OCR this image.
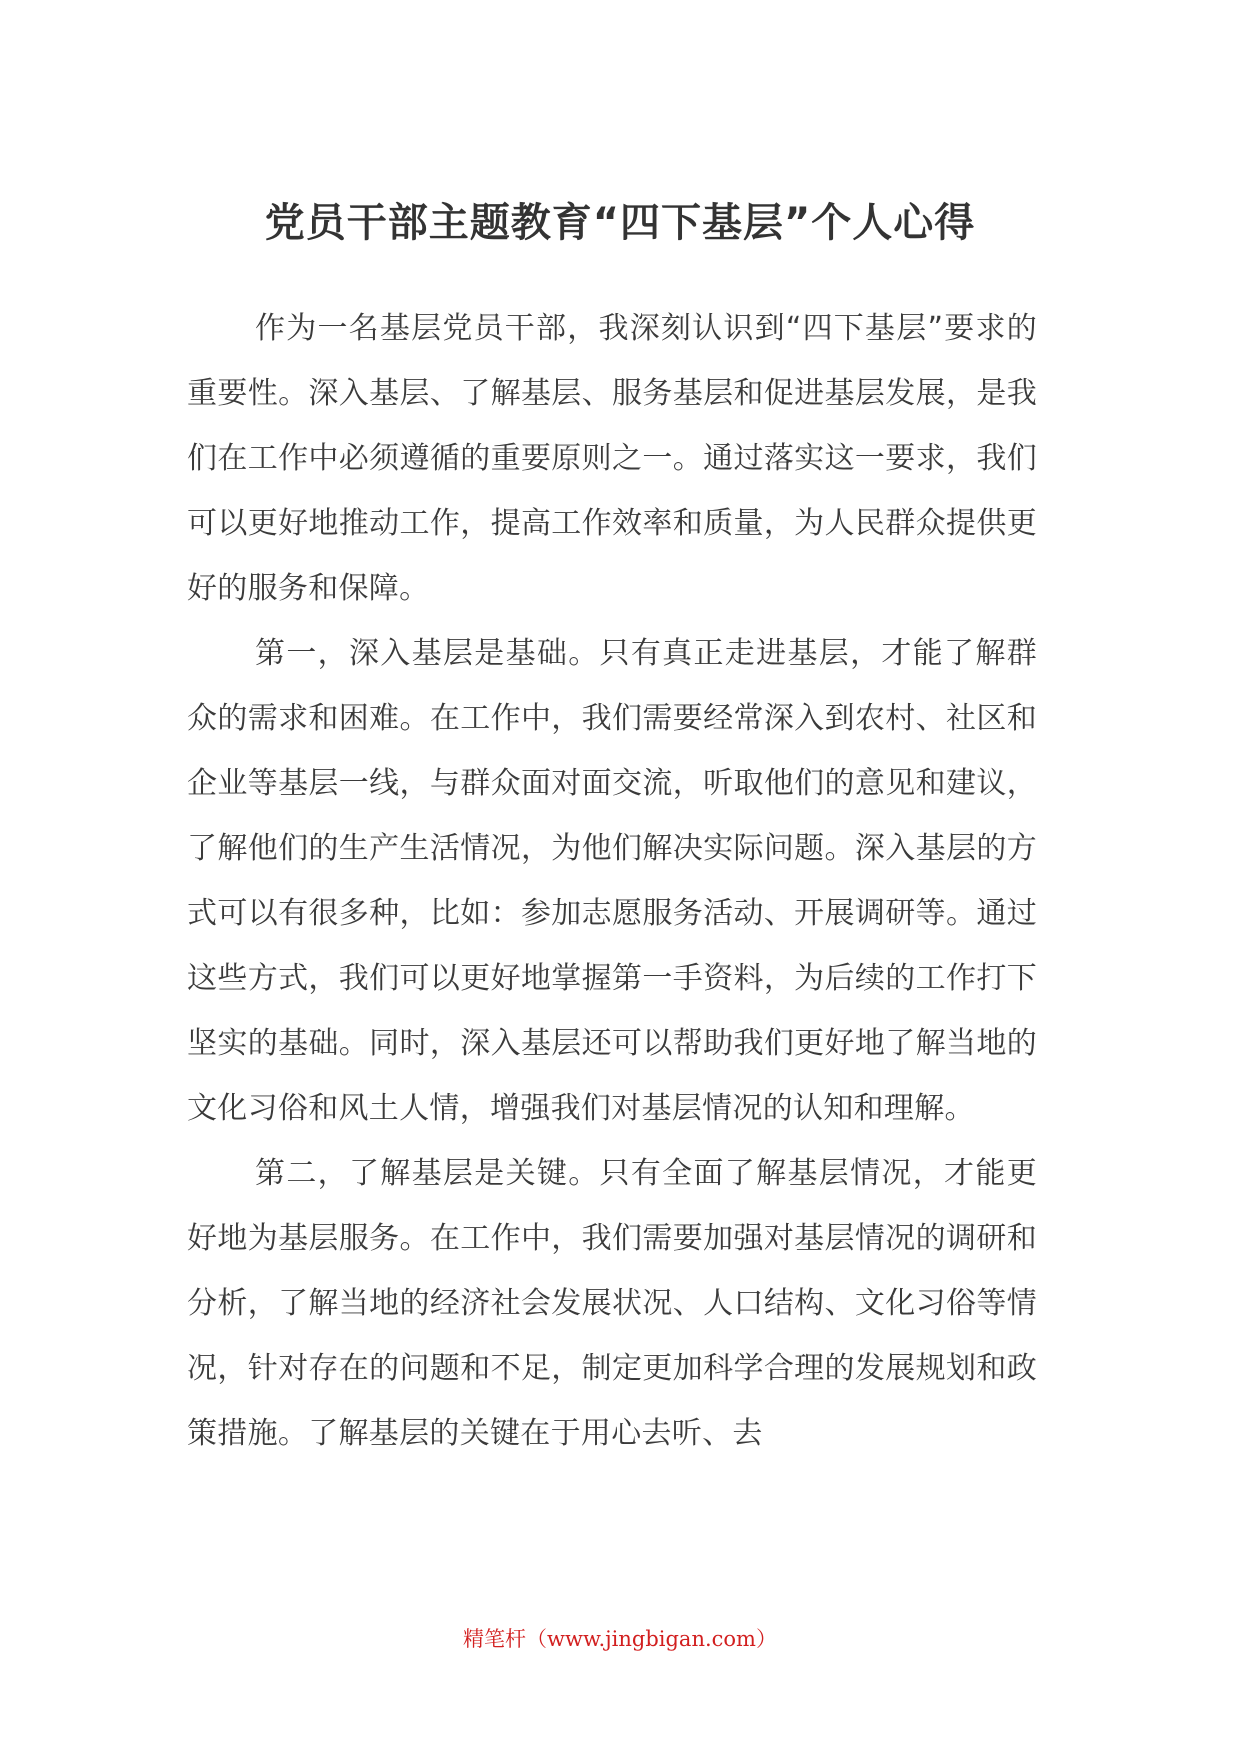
党员干部主题教育“四下基层”个人心得

作为一名基层党员干部，我深刻认识到“四下基层”要求的重要性。深入基层、了解基层、服务基层和促进基层发展，是我们在工作中必须遵循的重要原则之一。通过落实这一要求，我们可以更好地推动工作，提高工作效率和质量，为人民群众提供更好的服务和保障。

第一，深入基层是基础。只有真正走进基层，才能了解群众的需求和困难。在工作中，我们需要经常深入到农村、社区和企业等基层一线，与群众面对面交流，听取他们的意见和建议，了解他们的生产生活情况，为他们解决实际问题。深入基层的方式可以有很多种，比如：参加志愿服务活动、开展调研等。通过这些方式，我们可以更好地掌握第一手资料，为后续的工作打下坚实的基础。同时，深入基层还可以帮助我们更好地了解当地的文化习俗和风土人情，增强我们对基层情况的认知和理解。

第二，了解基层是关键。只有全面了解基层情况，才能更好地为基层服务。在工作中，我们需要加强对基层情况的调研和分析，了解当地的经济社会发展状况、人口结构、文化习俗等情况，针对存在的问题和不足，制定更加科学合理的发展规划和政策措施。了解基层的关键在于用心去听、去

精笔杆（www.jingbigan.com）
